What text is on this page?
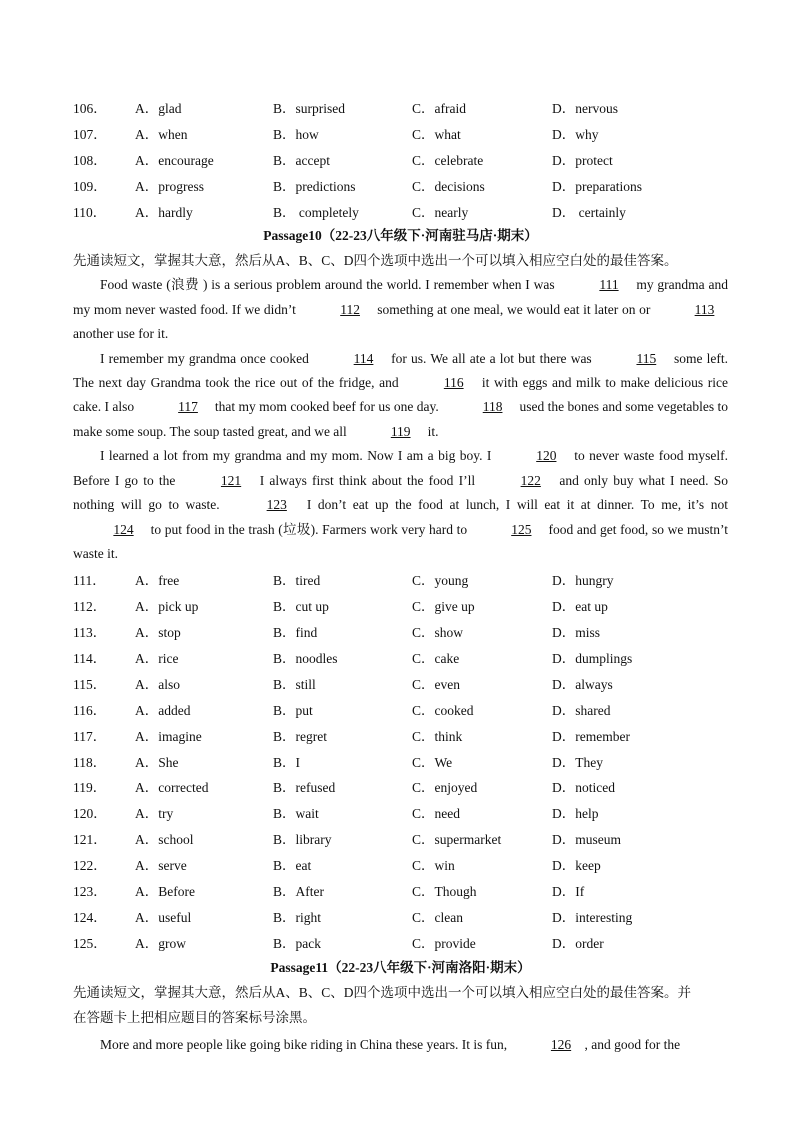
106．	A．glad	B．surprised	C．afraid	D．nervous
107．	A．when	B．how	C．what	D．why
108．	A．encourage	B．accept	C．celebrate	D．protect
109．	A．progress	B．predictions	C．decisions	D．preparations
110．	A．hardly	B． completely	C．nearly	D． certainly
Passage10（22-23八年级下·河南驻马店·期末）
先通读短文，掌握其大意，然后从A、B、C、D四个选项中选出一个可以填入相应空白处的最佳答案。

Food waste (浪费 ) is a serious problem around the world. I remember when I was	111 my grandma and my mom never wasted food. If we didn’t	112 something at one meal, we would eat it later on or	113 another use for it.

I remember my grandma once cooked	114 for us. We all ate a lot but there was	115 some left. The next day Grandma took the rice out of the fridge, and	116 it with eggs and milk to make delicious rice cake. I also	117 that my mom cooked beef for us one day.	118 used the bones and some vegetables to make some soup. The soup tasted great, and we all	119 it.

I learned a lot from my grandma and my mom. Now I am a big boy. I	120 to never waste food myself. Before I go to the	121 I always first think about the food I’ll	122 and only buy what I need. So nothing will go to waste.	123 I don’t eat up the food at lunch, I will eat it at dinner. To me, it’s not 124 to put food in the trash (垃圾). Farmers work very hard to	125 food and get food, so we mustn’t waste it.

111．	A．free	B．tired	C．young	D．hungry
112．	A．pick up	B．cut up	C．give up	D．eat up
113．	A．stop	B．find	C．show	D．miss
114．	A．rice	B．noodles	C．cake	D．dumplings
115．	A．also	B．still	C．even	D．always
116．	A．added	B．put	C．cooked	D．shared
117．	A．imagine	B．regret	C．think	D．remember
118．	A．She	B．I	C．We	D．They
119．	A．corrected	B．refused	C．enjoyed	D．noticed
120．	A．try	B．wait	C．need	D．help
121．	A．school	B．library	C．supermarket	D．museum
122．	A．serve	B．eat	C．win	D．keep
123．	A．Before	B．After	C．Though	D．If
124．	A．useful	B．right	C．clean	D．interesting
125．	A．grow	B．pack	C．provide	D．order
Passage11（22-23八年级下·河南洛阳·期末）
先通读短文，掌握其大意，然后从A、B、C、D四个选项中选出一个可以填入相应空白处的最佳答案。并
在答题卡上把相应题目的答案标号涂黑。

More and more people like going bike riding in China these years. It is fun,	126 , and good for the
